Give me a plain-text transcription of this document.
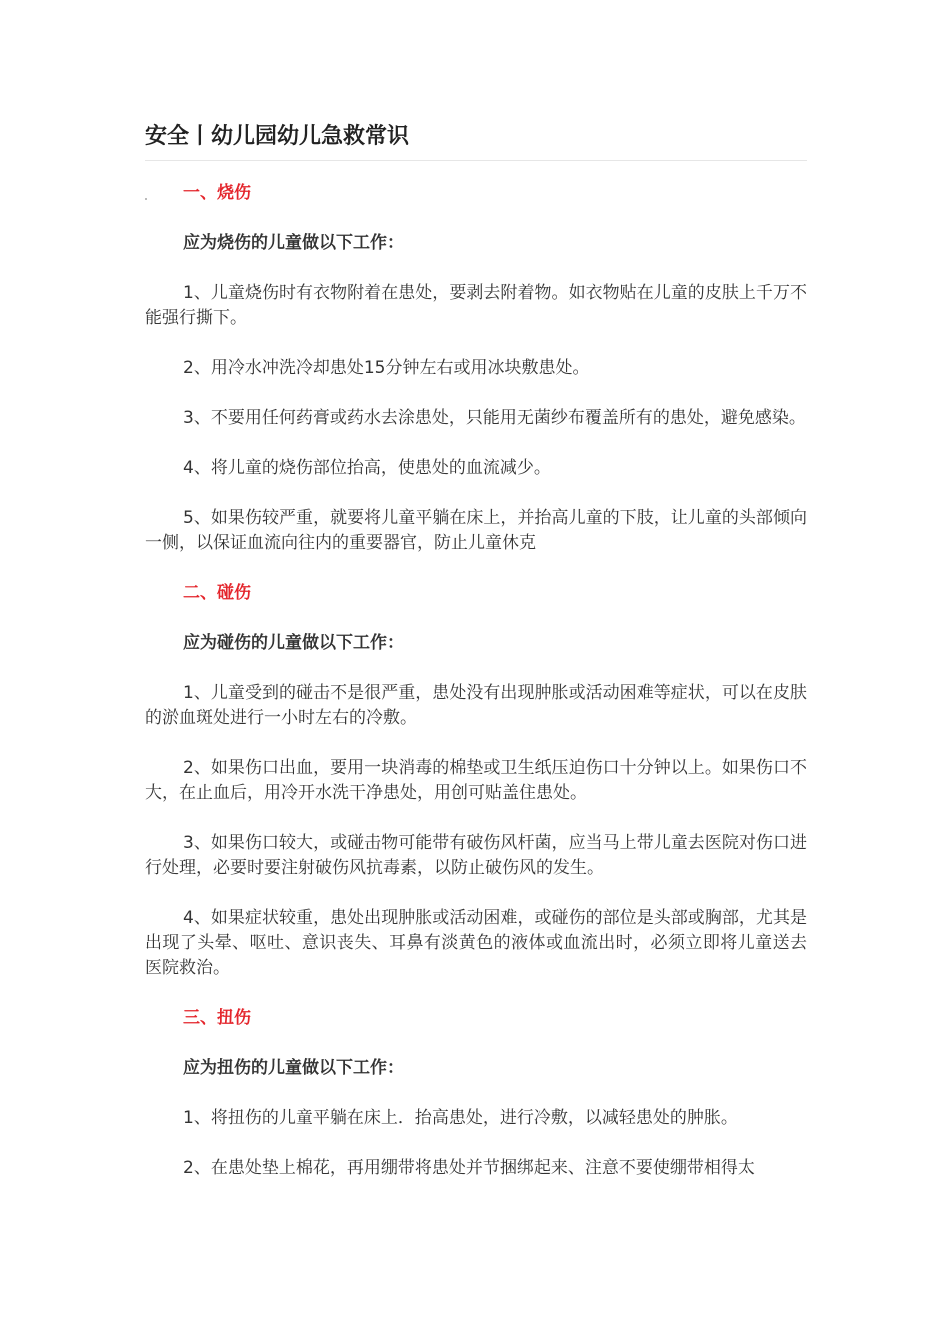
安全丨幼儿园幼儿急救常识

一、烧伤

应为烧伤的儿童做以下工作：

1、儿童烧伤时有衣物附着在患处，要剥去附着物。如衣物贴在儿童的皮肤上千万不能强行撕下。

2、用冷水冲洗冷却患处15分钟左右或用冰块敷患处。

3、不要用任何药膏或药水去涂患处，只能用无菌纱布覆盖所有的患处，避免感染。

4、将儿童的烧伤部位抬高，使患处的血流减少。

5、如果伤较严重，就要将儿童平躺在床上，并抬高儿童的下肢，让儿童的头部倾向一侧，以保证血流向往内的重要器官，防止儿童休克

二、碰伤

应为碰伤的儿童做以下工作：

1、儿童受到的碰击不是很严重，患处没有出现肿胀或活动困难等症状，可以在皮肤的淤血斑处进行一小时左右的冷敷。

2、如果伤口出血，要用一块消毒的棉垫或卫生纸压迫伤口十分钟以上。如果伤口不大，在止血后，用冷开水洗干净患处，用创可贴盖住患处。

3、如果伤口较大，或碰击物可能带有破伤风杆菌，应当马上带儿童去医院对伤口进行处理，必要时要注射破伤风抗毒素，以防止破伤风的发生。

4、如果症状较重，患处出现肿胀或活动困难，或碰伤的部位是头部或胸部，尤其是出现了头晕、呕吐、意识丧失、耳鼻有淡黄色的液体或血流出时，必须立即将儿童送去医院救治。

三、扭伤

应为扭伤的儿童做以下工作：

1、将扭伤的儿童平躺在床上．抬高患处，进行冷敷，以减轻患处的肿胀。

2、在患处垫上棉花，再用绷带将患处并节捆绑起来、注意不要使绷带相得太
